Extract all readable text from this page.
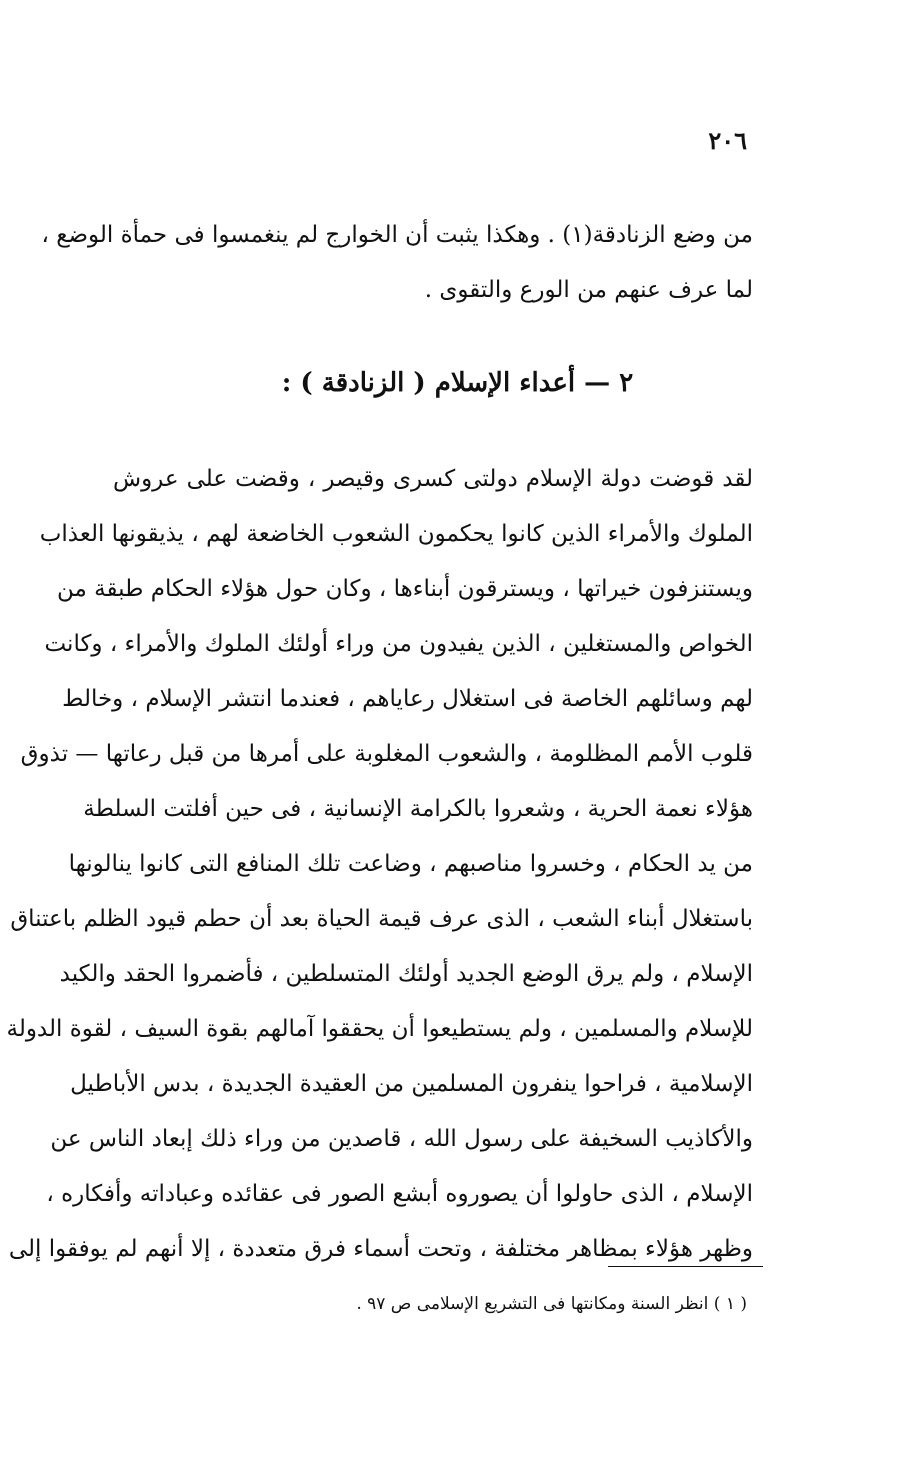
٢٠٦
من وضع الزنادقة(١) . وهكذا يثبت أن الخوارج لم ينغمسوا فى حمأة الوضع ،
لما عرف عنهم من الورع والتقوى .
٢ — أعداء الإسلام ( الزنادقة ) :
لقد قوضت دولة الإسلام دولتى كسرى وقيصر ، وقضت على عروش
الملوك والأمراء الذين كانوا يحكمون الشعوب الخاضعة لهم ، يذيقونها العذاب
ويستنزفون خيراتها ، ويسترقون أبناءها ، وكان حول هؤلاء الحكام طبقة من
الخواص والمستغلين ، الذين يفيدون من وراء أولئك الملوك والأمراء ، وكانت
لهم وسائلهم الخاصة فى استغلال رعاياهم ، فعندما انتشر الإسلام ، وخالط
قلوب الأمم المظلومة ، والشعوب المغلوبة على أمرها من قبل رعاتها — تذوق
هؤلاء نعمة الحرية ، وشعروا بالكرامة الإنسانية ، فى حين أفلتت السلطة
من يد الحكام ، وخسروا مناصبهم ، وضاعت تلك المنافع التى كانوا ينالونها
باستغلال أبناء الشعب ، الذى عرف قيمة الحياة بعد أن حطم قيود الظلم باعتناق
الإسلام ، ولم يرق الوضع الجديد أولئك المتسلطين ، فأضمروا الحقد والكيد
للإسلام والمسلمين ، ولم يستطيعوا أن يحققوا آمالهم بقوة السيف ، لقوة الدولة
الإسلامية ، فراحوا ينفرون المسلمين من العقيدة الجديدة ، بدس الأباطيل
والأكاذيب السخيفة على رسول الله ، قاصدين من وراء ذلك إبعاد الناس عن
الإسلام ، الذى حاولوا أن يصوروه أبشع الصور فى عقائده وعباداته وأفكاره ،
وظهر هؤلاء بمظاهر مختلفة ، وتحت أسماء فرق متعددة ، إلا أنهم لم يوفقوا إلى
( ١ ) انظر السنة ومكانتها فى التشريع الإسلامى ص ٩٧ .
